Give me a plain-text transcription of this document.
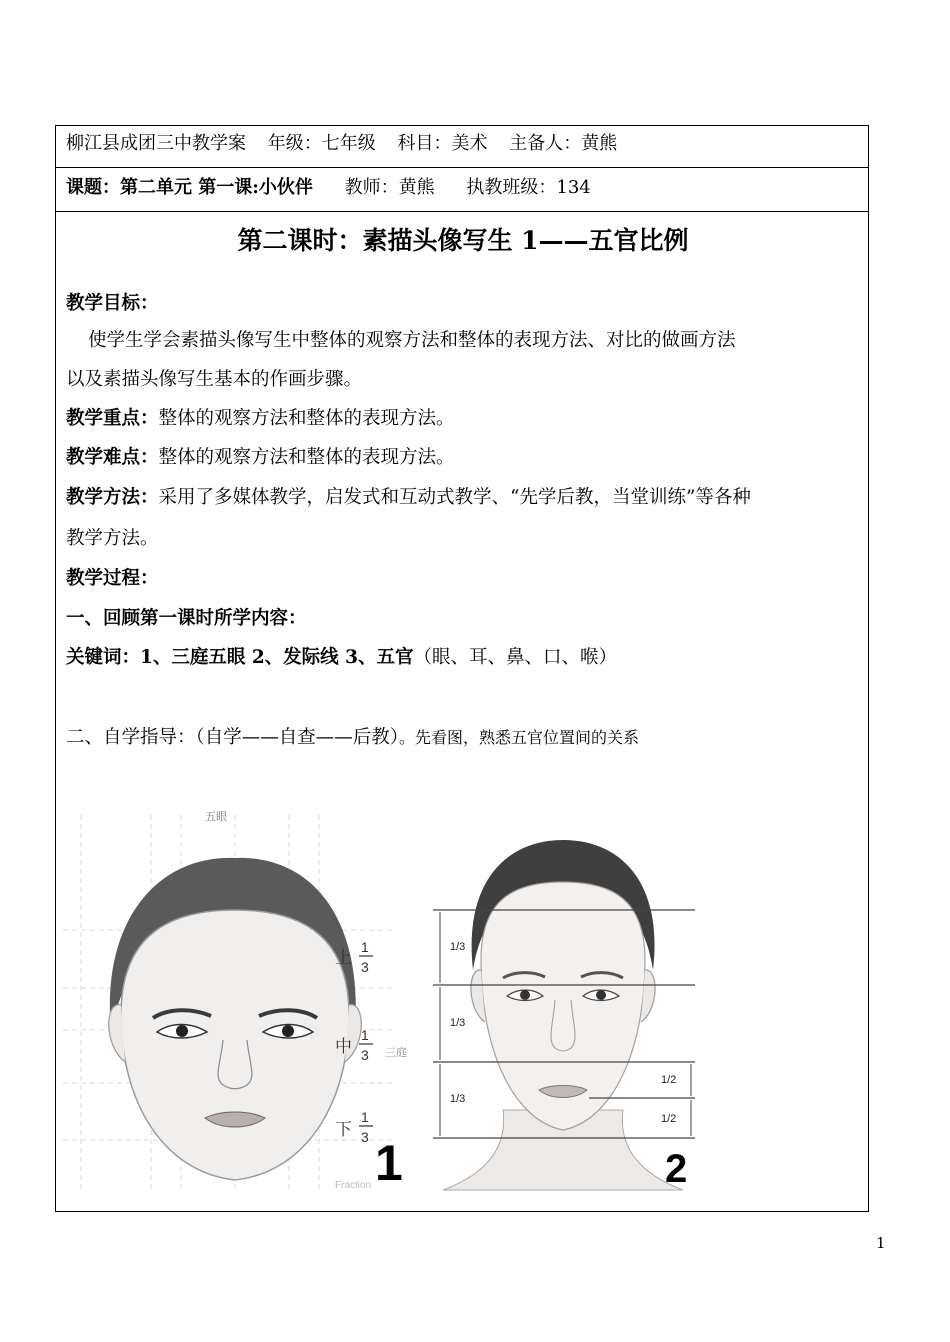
柳江县成团三中教学案 年级：七年级 科目：美术 主备人：黄熊
课题：第二单元 第一课:小伙伴 教师：黄熊 执教班级：134
第二课时：素描头像写生 1——五官比例
教学目标：
使学生学会素描头像写生中整体的观察方法和整体的表现方法、对比的做画方法
以及素描头像写生基本的作画步骤。
教学重点：整体的观察方法和整体的表现方法。
教学难点：整体的观察方法和整体的表现方法。
教学方法：采用了多媒体教学，启发式和互动式教学、“先学后教，当堂训练”等各种
教学方法。
教学过程：
一、回顾第一课时所学内容：
关键词：1、三庭五眼 2、发际线 3、五官（眼、耳、鼻、口、喉）
二、自学指导：（自学——自查——后教）。先看图，熟悉五官位置间的关系
五眼
上
1
3
中
1
3 三庭
下
1
3 1
Fraction
1/3
1/3
1/3
1/2
1/2
2
1
